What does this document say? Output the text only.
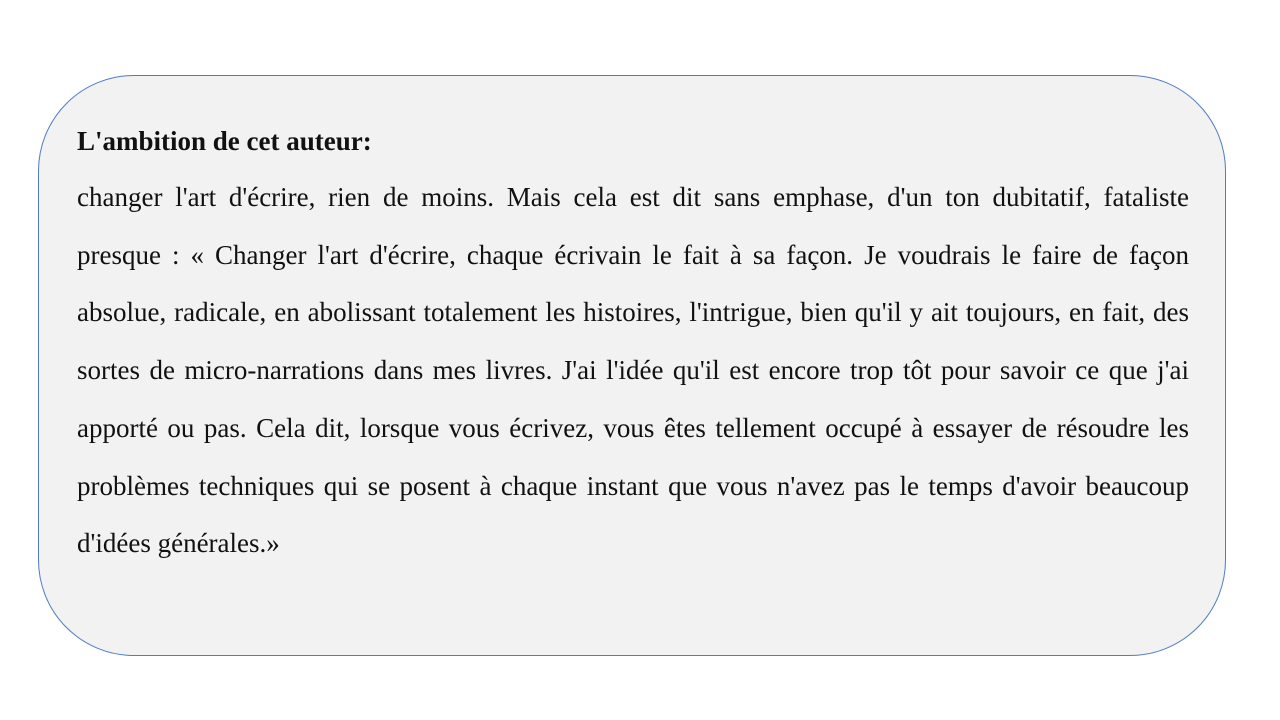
L'ambition de cet auteur:

changer l'art d'écrire, rien de moins. Mais cela est dit sans emphase, d'un ton dubitatif, fataliste presque : « Changer l'art d'écrire, chaque écrivain le fait à sa façon. Je voudrais le faire de façon absolue, radicale, en abolissant totalement les histoires, l'intrigue, bien qu'il y ait toujours, en fait, des sortes de micro-narrations dans mes livres. J'ai l'idée qu'il est encore trop tôt pour savoir ce que j'ai apporté ou pas. Cela dit, lorsque vous écrivez, vous êtes tellement occupé à essayer de résoudre les problèmes techniques qui se posent à chaque instant que vous n'avez pas le temps d'avoir beaucoup d'idées générales.»
